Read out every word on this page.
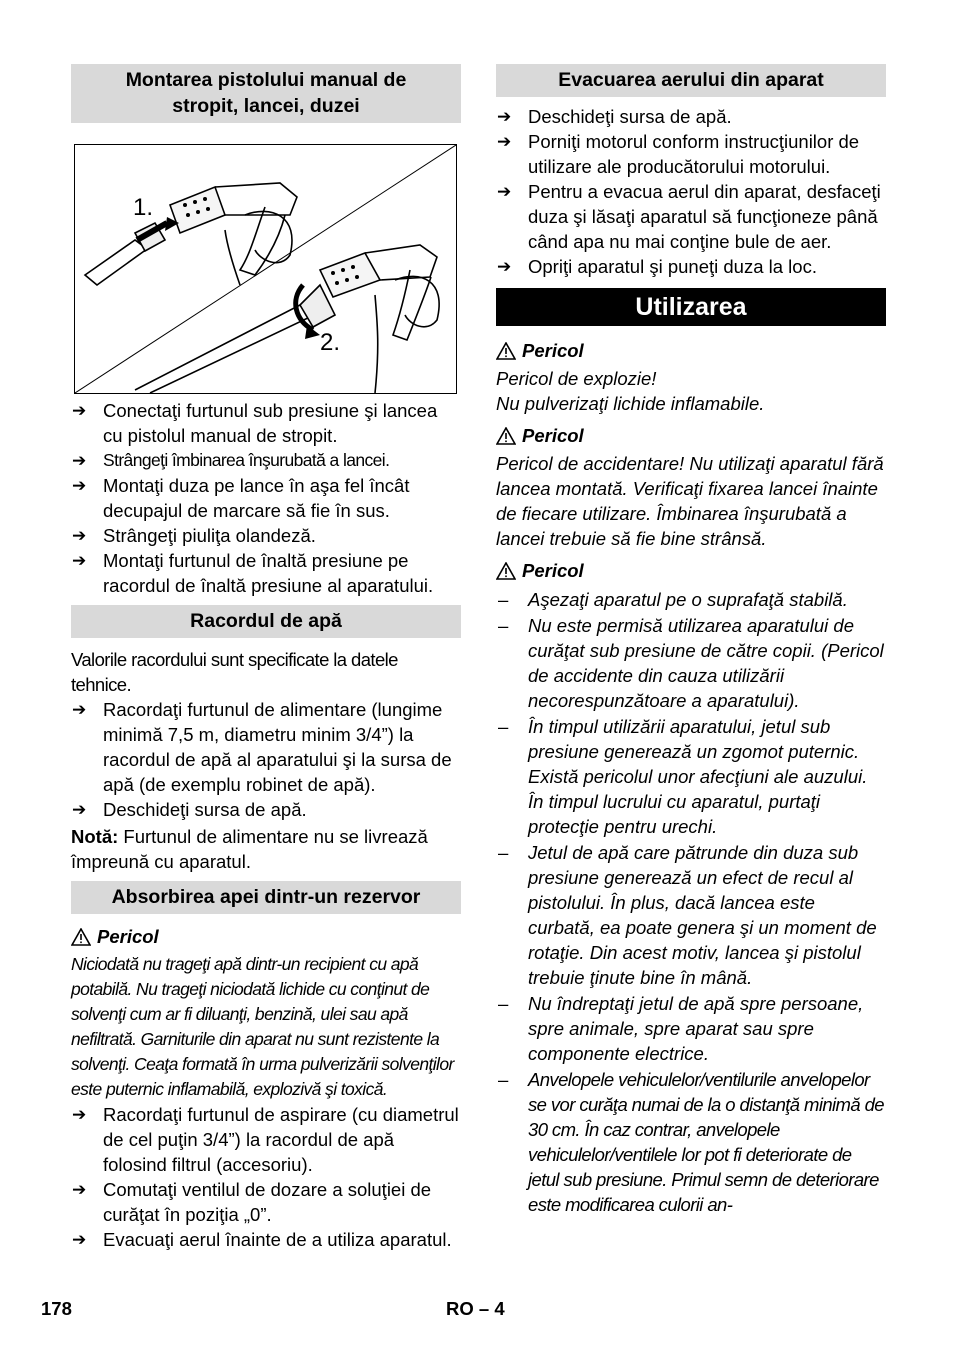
Montarea pistolului manual de stropit, lancei, duzei
1.
2.
➔ Conectaţi furtunul sub presiune şi lancea cu pistolul manual de stropit.
➔ Strângeţi îmbinarea înşurubată a lancei.
➔ Montaţi duza pe lance în aşa fel încât decupajul de marcare să fie în sus.
➔ Strângeţi piuliţa olandeză.
➔ Montaţi furtunul de înaltă presiune pe racordul de înaltă presiune al aparatului.
Racordul de apă

Valorile racordului sunt specificate la datele tehnice.

➔ Racordaţi furtunul de alimentare (lungime minimă 7,5 m, diametru minim 3/4”) la racordul de apă al aparatului şi la sursa de apă (de exemplu robinet de apă).
➔ Deschideţi sursa de apă.

Notă: Furtunul de alimentare nu se livrează împreună cu aparatul.

Absorbirea apei dintr-un rezervor
Pericol

Niciodată nu trageţi apă dintr-un recipient cu apă potabilă. Nu trageţi niciodată lichide cu conţinut de solvenţi cum ar fi diluanţi, benzină, ulei sau apă nefiltrată. Garniturile din aparat nu sunt rezistente la solvenţi. Ceaţa formată în urma pulverizării solvenţilor este puternic inflamabilă, explozivă şi toxică.

➔ Racordaţi furtunul de aspirare (cu diametrul de cel puţin 3/4”) la racordul de apă folosind filtrul (accesoriu).
➔ Comutaţi ventilul de dozare a soluţiei de curăţat în poziţia „0”.
➔ Evacuaţi aerul înainte de a utiliza aparatul.
Evacuarea aerului din aparat
➔ Deschideţi sursa de apă.
➔ Porniţi motorul conform instrucţiunilor de utilizare ale producătorului motorului.
➔ Pentru a evacua aerul din aparat, desfaceţi duza şi lăsaţi aparatul să funcţioneze până când apa nu mai conţine bule de aer.
➔ Opriţi aparatul şi puneţi duza la loc.
Utilizarea
Pericol

Pericol de explozie!

Nu pulverizaţi lichide inflamabile.

Pericol

Pericol de accidentare! Nu utilizaţi aparatul fără lancea montată. Verificaţi fixarea lancei înainte de fiecare utilizare. Îmbinarea înşurubată a lancei trebuie să fie bine strânsă.

Pericol
– Aşezaţi aparatul pe o suprafaţă stabilă.
– Nu este permisă utilizarea aparatului de curăţat sub presiune de către copii. (Pericol de accidente din cauza utilizării necorespunzătoare a aparatului).
– În timpul utilizării aparatului, jetul sub presiune generează un zgomot puternic. Există pericolul unor afecţiuni ale auzului. În timpul lucrului cu aparatul, purtaţi protecţie pentru urechi.
– Jetul de apă care pătrunde din duza sub presiune generează un efect de recul al pistolului. În plus, dacă lancea este curbată, ea poate genera şi un moment de rotaţie. Din acest motiv, lancea şi pistolul trebuie ţinute bine în mână.
– Nu îndreptaţi jetul de apă spre persoane, spre animale, spre aparat sau spre componente electrice.
– Anvelopele vehiculelor/ventilurile anvelopelor se vor curăţa numai de la o distanţă minimă de 30 cm. În caz contrar, anvelopele vehiculelor/ventilele lor pot fi deteriorate de jetul sub presiune. Primul semn de deteriorare este modificarea culorii an-
178	RO – 4
